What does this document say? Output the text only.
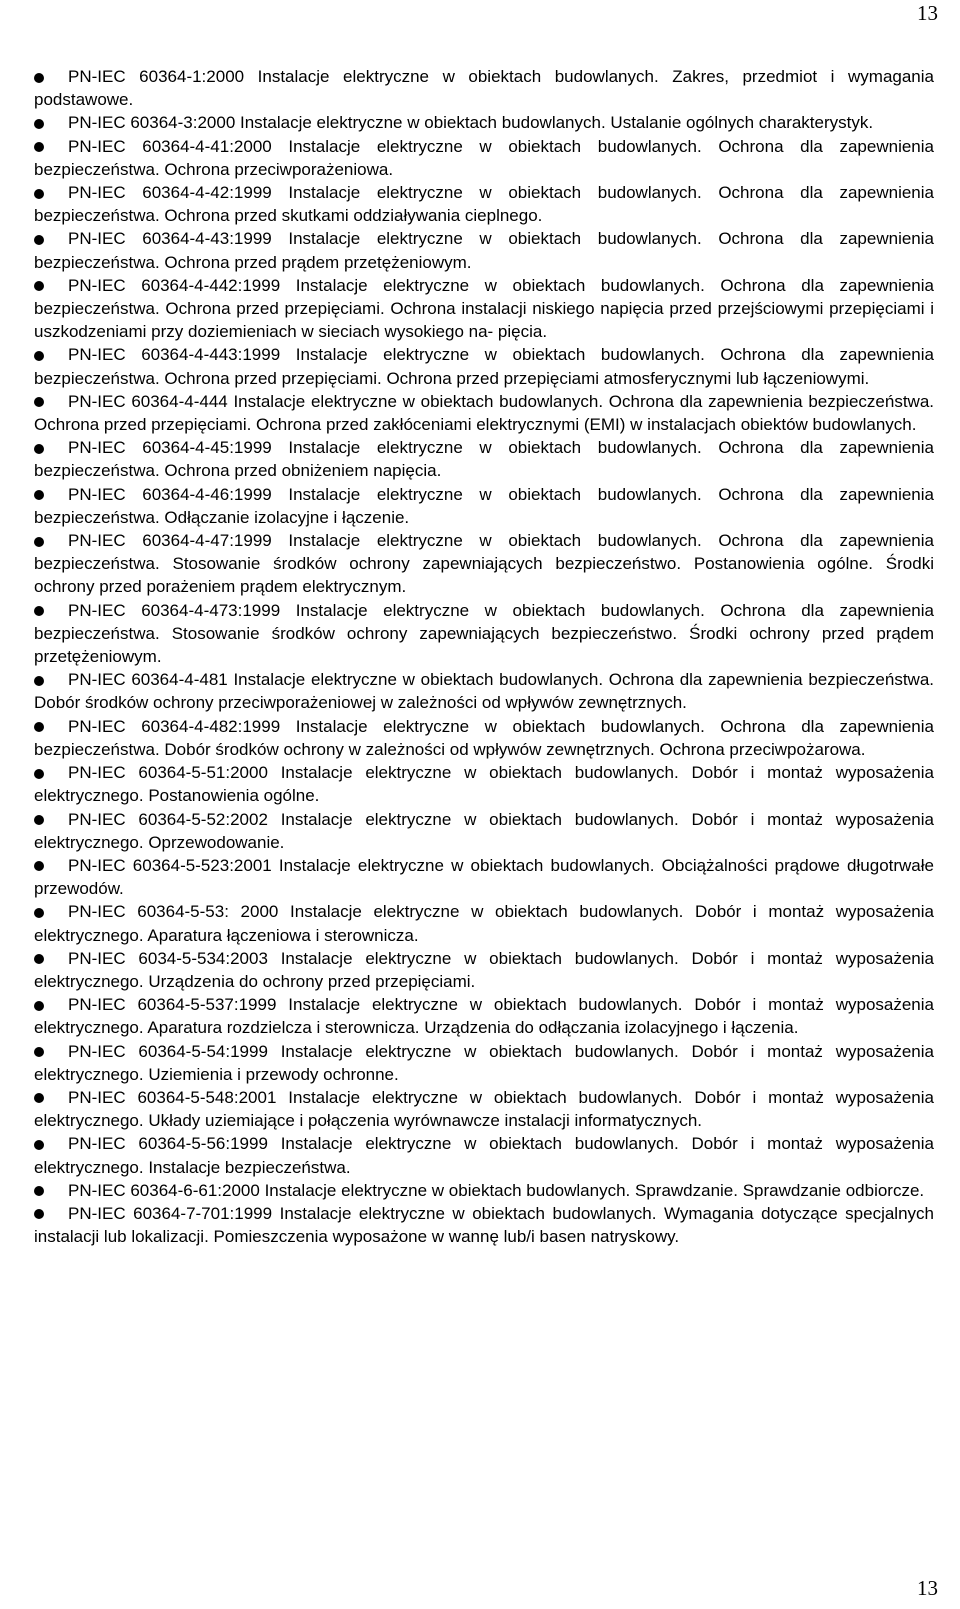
13
PN-IEC 60364-1:2000 Instalacje elektryczne w obiektach budowlanych. Zakres, przedmiot i wymagania podstawowe.
PN-IEC 60364-3:2000 Instalacje elektryczne w obiektach budowlanych. Ustalanie ogólnych charakterystyk.
PN-IEC 60364-4-41:2000 Instalacje elektryczne w obiektach budowlanych. Ochrona dla zapewnienia bezpieczeństwa. Ochrona przeciwporażeniowa.
PN-IEC 60364-4-42:1999 Instalacje elektryczne w obiektach budowlanych. Ochrona dla zapewnienia bezpieczeństwa. Ochrona przed skutkami oddziaływania cieplnego.
PN-IEC 60364-4-43:1999 Instalacje elektryczne w obiektach budowlanych. Ochrona dla zapewnienia bezpieczeństwa. Ochrona przed prądem przetężeniowym.
PN-IEC 60364-4-442:1999 Instalacje elektryczne w obiektach budowlanych. Ochrona dla zapewnienia bezpieczeństwa. Ochrona przed przepięciami. Ochrona instalacji niskiego napięcia przed przejściowymi przepięciami i uszkodzeniami przy doziemieniach w sieciach wysokiego na- pięcia.
PN-IEC 60364-4-443:1999 Instalacje elektryczne w obiektach budowlanych. Ochrona dla zapewnienia bezpieczeństwa. Ochrona przed przepięciami. Ochrona przed przepięciami atmosferycznymi lub łączeniowymi.
PN-IEC 60364-4-444 Instalacje elektryczne w obiektach budowlanych. Ochrona dla zapewnienia bezpieczeństwa. Ochrona przed przepięciami. Ochrona przed zakłóceniami elektrycznymi (EMI) w instalacjach obiektów budowlanych.
PN-IEC 60364-4-45:1999 Instalacje elektryczne w obiektach budowlanych. Ochrona dla zapewnienia bezpieczeństwa. Ochrona przed obniżeniem napięcia.
PN-IEC 60364-4-46:1999 Instalacje elektryczne w obiektach budowlanych. Ochrona dla zapewnienia bezpieczeństwa. Odłączanie izolacyjne i łączenie.
PN-IEC 60364-4-47:1999 Instalacje elektryczne w obiektach budowlanych. Ochrona dla zapewnienia bezpieczeństwa. Stosowanie środków ochrony zapewniających bezpieczeństwo. Postanowienia ogólne. Środki ochrony przed porażeniem prądem elektrycznym.
PN-IEC 60364-4-473:1999 Instalacje elektryczne w obiektach budowlanych. Ochrona dla zapewnienia bezpieczeństwa. Stosowanie środków ochrony zapewniających bezpieczeństwo. Środki ochrony przed prądem przetężeniowym.
PN-IEC 60364-4-481 Instalacje elektryczne w obiektach budowlanych. Ochrona dla zapewnienia bezpieczeństwa. Dobór środków ochrony przeciwporażeniowej w zależności od wpływów zewnętrznych.
PN-IEC 60364-4-482:1999 Instalacje elektryczne w obiektach budowlanych. Ochrona dla zapewnienia bezpieczeństwa. Dobór środków ochrony w zależności od wpływów zewnętrznych. Ochrona przeciwpożarowa.
PN-IEC 60364-5-51:2000 Instalacje elektryczne w obiektach budowlanych. Dobór i montaż wyposażenia elektrycznego. Postanowienia ogólne.
PN-IEC 60364-5-52:2002 Instalacje elektryczne w obiektach budowlanych. Dobór i montaż wyposażenia elektrycznego. Oprzewodowanie.
PN-IEC 60364-5-523:2001 Instalacje elektryczne w obiektach budowlanych. Obciążalności prądowe długotrwałe przewodów.
PN-IEC 60364-5-53: 2000 Instalacje elektryczne w obiektach budowlanych. Dobór i montaż wyposażenia elektrycznego. Aparatura łączeniowa i sterownicza.
PN-IEC 6034-5-534:2003 Instalacje elektryczne w obiektach budowlanych. Dobór i montaż wyposażenia elektrycznego. Urządzenia do ochrony przed przepięciami.
PN-IEC 60364-5-537:1999 Instalacje elektryczne w obiektach budowlanych. Dobór i montaż wyposażenia elektrycznego. Aparatura rozdzielcza i sterownicza. Urządzenia do odłączania izolacyjnego i łączenia.
PN-IEC 60364-5-54:1999 Instalacje elektryczne w obiektach budowlanych. Dobór i montaż wyposażenia elektrycznego. Uziemienia i przewody ochronne.
PN-IEC 60364-5-548:2001 Instalacje elektryczne w obiektach budowlanych. Dobór i montaż wyposażenia elektrycznego. Układy uziemiające i połączenia wyrównawcze instalacji informatycznych.
PN-IEC 60364-5-56:1999 Instalacje elektryczne w obiektach budowlanych. Dobór i montaż wyposażenia elektrycznego. Instalacje bezpieczeństwa.
PN-IEC 60364-6-61:2000 Instalacje elektryczne w obiektach budowlanych. Sprawdzanie. Sprawdzanie odbiorcze.
PN-IEC 60364-7-701:1999 Instalacje elektryczne w obiektach budowlanych. Wymagania dotyczące specjalnych instalacji lub lokalizacji. Pomieszczenia wyposażone w wannę lub/i basen natryskowy.
13
